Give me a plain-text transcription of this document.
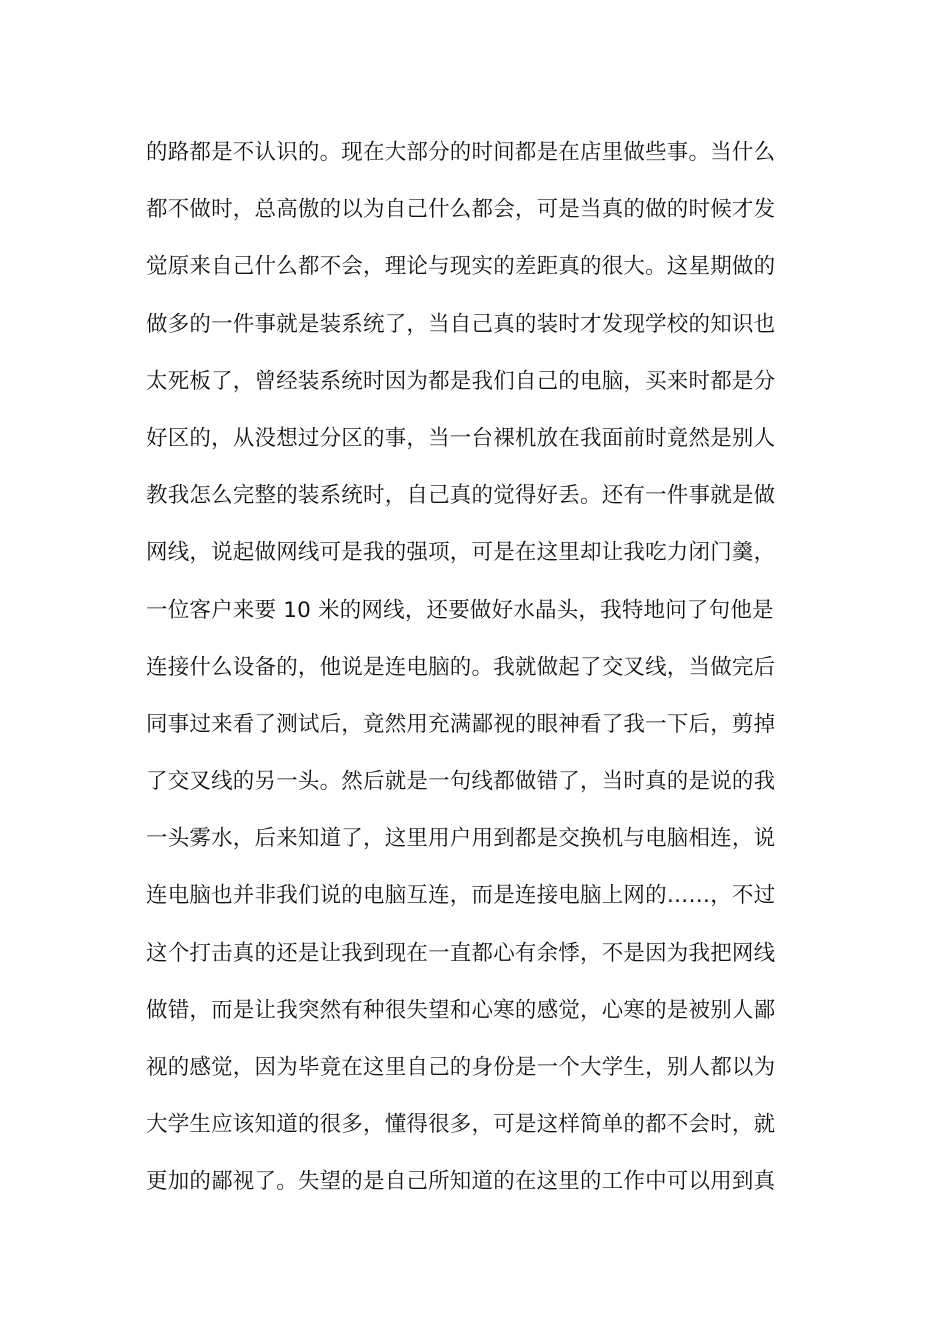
的路都是不认识的。现在大部分的时间都是在店里做些事。当什么
都不做时，总高傲的以为自己什么都会，可是当真的做的时候才发
觉原来自己什么都不会，理论与现实的差距真的很大。这星期做的
做多的一件事就是装系统了，当自己真的装时才发现学校的知识也
太死板了，曾经装系统时因为都是我们自己的电脑，买来时都是分
好区的，从没想过分区的事，当一台裸机放在我面前时竟然是别人
教我怎么完整的装系统时，自己真的觉得好丢。还有一件事就是做
网线，说起做网线可是我的强项，可是在这里却让我吃力闭门羹，
一位客户来要 10 米的网线，还要做好水晶头，我特地问了句他是
连接什么设备的，他说是连电脑的。我就做起了交叉线，当做完后
同事过来看了测试后，竟然用充满鄙视的眼神看了我一下后，剪掉
了交叉线的另一头。然后就是一句线都做错了，当时真的是说的我
一头雾水，后来知道了，这里用户用到都是交换机与电脑相连，说
连电脑也并非我们说的电脑互连，而是连接电脑上网的……，不过
这个打击真的还是让我到现在一直都心有余悸，不是因为我把网线
做错，而是让我突然有种很失望和心寒的感觉，心寒的是被别人鄙
视的感觉，因为毕竟在这里自己的身份是一个大学生，别人都以为
大学生应该知道的很多，懂得很多，可是这样简单的都不会时，就
更加的鄙视了。失望的是自己所知道的在这里的工作中可以用到真
